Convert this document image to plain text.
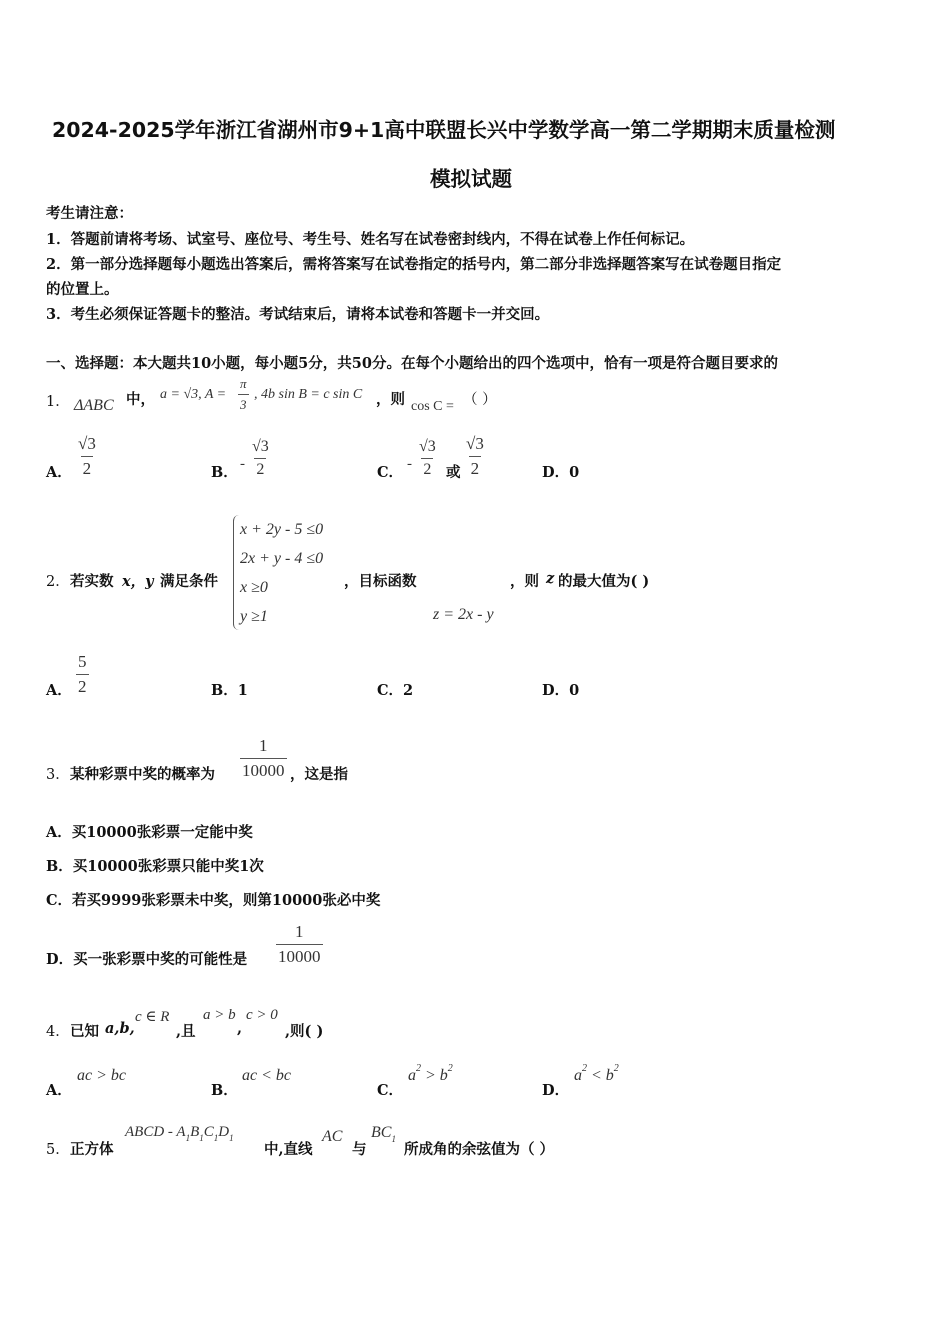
2024-2025学年浙江省湖州市9+1高中联盟长兴中学数学高一第二学期期末质量检测
模拟试题
考生请注意：
1．答题前请将考场、试室号、座位号、考生号、姓名写在试卷密封线内，不得在试卷上作任何标记。
2．第一部分选择题每小题选出答案后，需将答案写在试卷指定的括号内，第二部分非选择题答案写在试卷题目指定
的位置上。
3．考生必须保证答题卡的整洁。考试结束后，请将本试卷和答题卡一并交回。
一、选择题：本大题共10小题，每小题5分，共50分。在每个小题给出的四个选项中，恰有一项是符合题目要求的
1． ΔABC 中， a = √3, $A = \frac{\pi}{3}$ , 4b sin B = c sin C ，则 cos C = （ ）
A． $\frac{√3}{2}$	B． - $\frac{√3}{2}$	C． - $\frac{√3}{2}$ 或 $\frac{√3}{2}$	D．0
2． 若实数 x，y 满足条件
x + 2y - 5 ≤0
2x + y - 4 ≤0
x ≥0
y ≥1
，目标函数	，则 z 的最大值为( )
z = 2x - y
A． $\frac{5}{2}$	B．1	C．2	D．0
3． 某种彩票中奖的概率为 $\frac{1}{10000}$ ，这是指
A．买10000张彩票一定能中奖
B．买10000张彩票只能中奖1次
C．若买9999张彩票未中奖，则第10000张必中奖
D．买一张彩票中奖的可能性是 $\frac{1}{10000}$
4． 已知 a,b,
c ∈ R
,且
a > b
,
c > 0
,则( )
A．
ac > bc
B．
ac < bc
C．
$a^2 > b^2$
D．
$a^2 < b^2$
5． 正方体
ABCD - $A_1B_1C_1D_1$
中,直线
AC
与
$BC_1$
所成角的余弦值为（ ）
